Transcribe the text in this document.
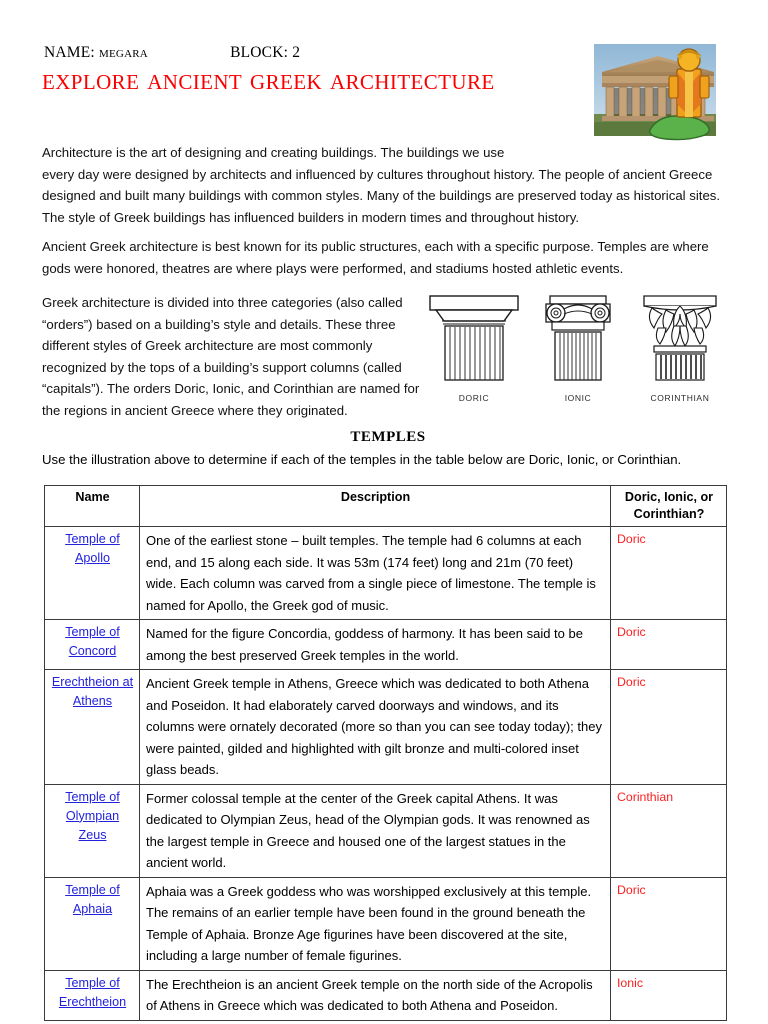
NAME: megara	BLOCK: 2
explore ancient greek architecture
Architecture is the art of designing and creating buildings. The buildings we use
every day were designed by architects and influenced by cultures throughout history. The people of ancient Greece designed and built many buildings with common styles. Many of the buildings are preserved today as historical sites. The style of Greek buildings has influenced builders in modern times and throughout history.
Ancient Greek architecture is best known for its public structures, each with a specific purpose. Temples are where gods were honored, theatres are where plays were performed, and stadiums hosted athletic events.
Greek architecture is divided into three categories (also called “orders”) based on a building’s style and details. These three different styles of Greek architecture are most commonly recognized by the tops of a building’s support columns (called “capitals”). The orders Doric, Ionic, and Corinthian are named for the regions in ancient Greece where they originated.
DORIC	IONIC	CORINTHIAN
temples
Use the illustration above to determine if each of the temples in the table below are Doric, Ionic, or Corinthian.
Name	Description	Doric, Ionic, or
Corinthian?
Temple of Apollo	One of the earliest stone – built temples. The temple had 6 columns at each end, and 15 along each side. It was 53m (174 feet) long and 21m (70 feet) wide. Each column was carved from a single piece of limestone. The temple is named for Apollo, the Greek god of music.	Doric
Temple of Concord	Named for the figure Concordia, goddess of harmony. It has been said to be among the best preserved Greek temples in the world.	Doric
Erechtheion at Athens	Ancient Greek temple in Athens, Greece which was dedicated to both Athena and Poseidon. It had elaborately carved doorways and windows, and its columns were ornately decorated (more so than you can see today today); they were painted, gilded and highlighted with gilt bronze and multi-colored inset glass beads.	Doric
Temple of Olympian Zeus	Former colossal temple at the center of the Greek capital Athens. It was dedicated to Olympian Zeus, head of the Olympian gods. It was renowned as the largest temple in Greece and housed one of the largest statues in the ancient world.	Corinthian
Temple of Aphaia	Aphaia was a Greek goddess who was worshipped exclusively at this temple. The remains of an earlier temple have been found in the ground beneath the Temple of Aphaia. Bronze Age figurines have been discovered at the site, including a large number of female figurines.	Doric
Temple of Erechtheion	The Erechtheion is an ancient Greek temple on the north side of the Acropolis of Athens in Greece which was dedicated to both Athena and Poseidon.	Ionic
